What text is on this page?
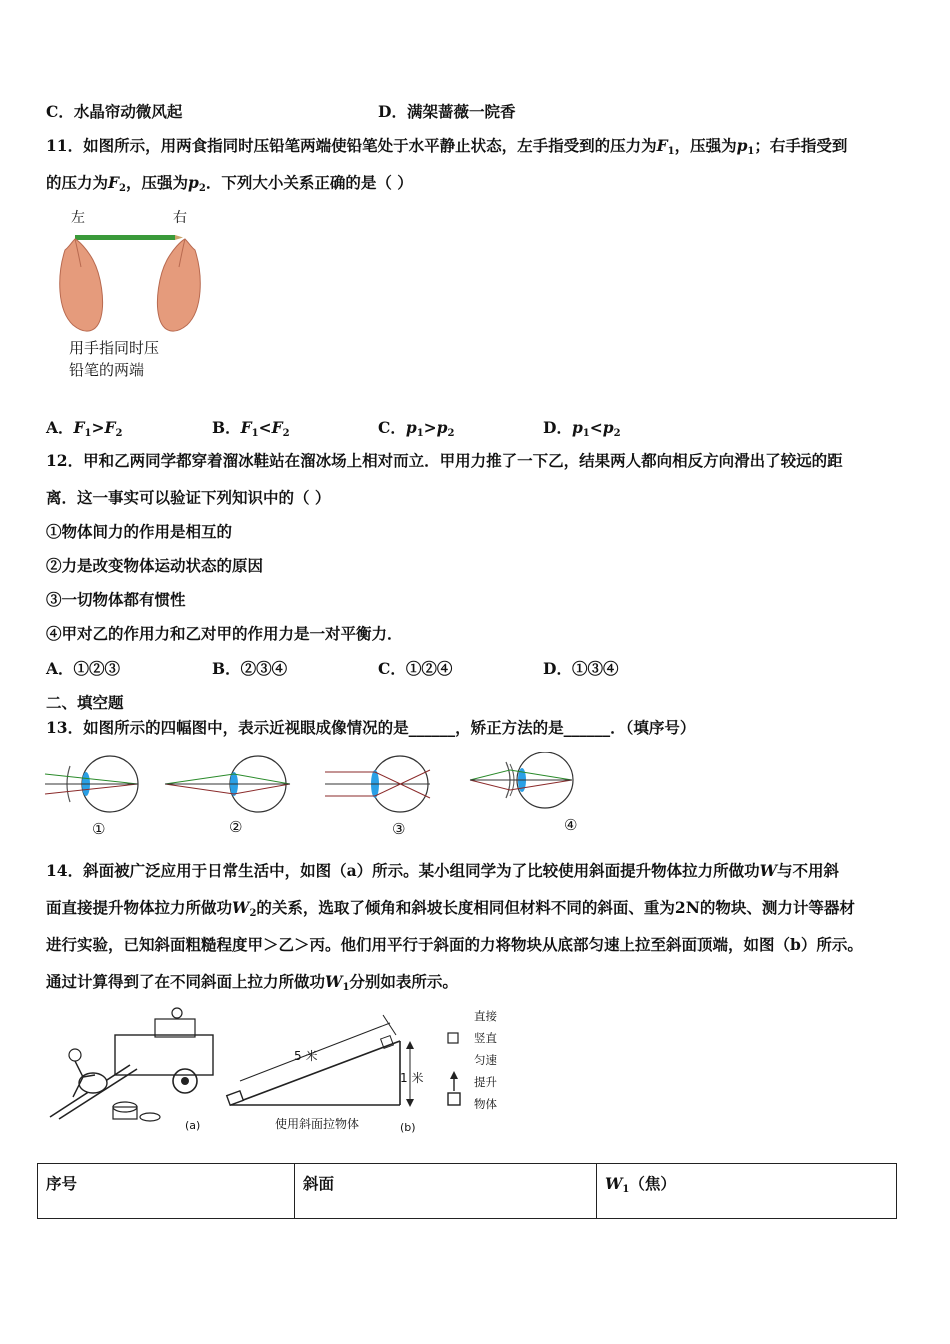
C．水晶帘动微风起	D．满架蔷薇一院香
11．如图所示，用两食指同时压铅笔两端使铅笔处于水平静止状态，左手指受到的压力为$F_1$，压强为$p_1$；右手指受到
的压力为$F_2$，压强为$p_2$．下列大小关系正确的是（ ）
左	右
用手指同时压
铅笔的两端
A．$F_1>F_2$	B．$F_1<F_2$	C．$p_1>p_2$	D．$p_1<p_2$
12．甲和乙两同学都穿着溜冰鞋站在溜冰场上相对而立．甲用力推了一下乙，结果两人都向相反方向滑出了较远的距
离．这一事实可以验证下列知识中的（ ）
①物体间力的作用是相互的
②力是改变物体运动状态的原因
③一切物体都有惯性
④甲对乙的作用力和乙对甲的作用力是一对平衡力．
A．①②③	B．②③④	C．①②④	D．①③④
二、填空题
13．如图所示的四幅图中，表示近视眼成像情况的是______，矫正方法的是______．（填序号）
①	②	③	④
14．斜面被广泛应用于日常生活中，如图（a）所示。某小组同学为了比较使用斜面提升物体拉力所做功W与不用斜
面直接提升物体拉力所做功$W_2$的关系，选取了倾角和斜坡长度相同但材料不同的斜面、重为2N的物块、测力计等器材
进行实验，已知斜面粗糙程度甲＞乙＞丙。他们用平行于斜面的力将物块从底部匀速上拉至斜面顶端，如图（b）所示。
通过计算得到了在不同斜面上拉力所做功$W_1$分别如表所示。
(a)
5 米
1 米
使用斜面拉物体	(b)
直接
竖直
匀速
提升
物体
序号	斜面	$W_1$（焦）
